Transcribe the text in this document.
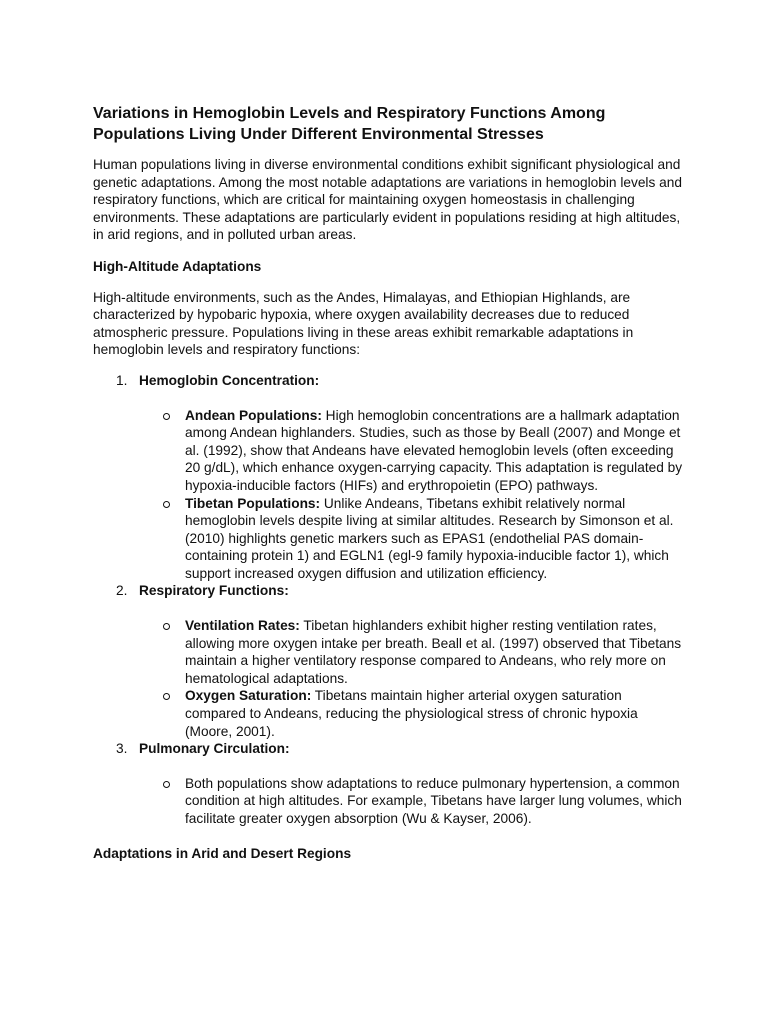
Variations in Hemoglobin Levels and Respiratory Functions Among Populations Living Under Different Environmental Stresses

Human populations living in diverse environmental conditions exhibit significant physiological and genetic adaptations. Among the most notable adaptations are variations in hemoglobin levels and respiratory functions, which are critical for maintaining oxygen homeostasis in challenging environments. These adaptations are particularly evident in populations residing at high altitudes, in arid regions, and in polluted urban areas.

High-Altitude Adaptations

High-altitude environments, such as the Andes, Himalayas, and Ethiopian Highlands, are characterized by hypobaric hypoxia, where oxygen availability decreases due to reduced atmospheric pressure. Populations living in these areas exhibit remarkable adaptations in hemoglobin levels and respiratory functions:

1. Hemoglobin Concentration:
Andean Populations: High hemoglobin concentrations are a hallmark adaptation among Andean highlanders. Studies, such as those by Beall (2007) and Monge et al. (1992), show that Andeans have elevated hemoglobin levels (often exceeding 20 g/dL), which enhance oxygen-carrying capacity. This adaptation is regulated by hypoxia-inducible factors (HIFs) and erythropoietin (EPO) pathways.
Tibetan Populations: Unlike Andeans, Tibetans exhibit relatively normal hemoglobin levels despite living at similar altitudes. Research by Simonson et al. (2010) highlights genetic markers such as EPAS1 (endothelial PAS domain-containing protein 1) and EGLN1 (egl-9 family hypoxia-inducible factor 1), which support increased oxygen diffusion and utilization efficiency.
2. Respiratory Functions:
Ventilation Rates: Tibetan highlanders exhibit higher resting ventilation rates, allowing more oxygen intake per breath. Beall et al. (1997) observed that Tibetans maintain a higher ventilatory response compared to Andeans, who rely more on hematological adaptations.
Oxygen Saturation: Tibetans maintain higher arterial oxygen saturation compared to Andeans, reducing the physiological stress of chronic hypoxia (Moore, 2001).
3. Pulmonary Circulation:
Both populations show adaptations to reduce pulmonary hypertension, a common condition at high altitudes. For example, Tibetans have larger lung volumes, which facilitate greater oxygen absorption (Wu & Kayser, 2006).
Adaptations in Arid and Desert Regions
